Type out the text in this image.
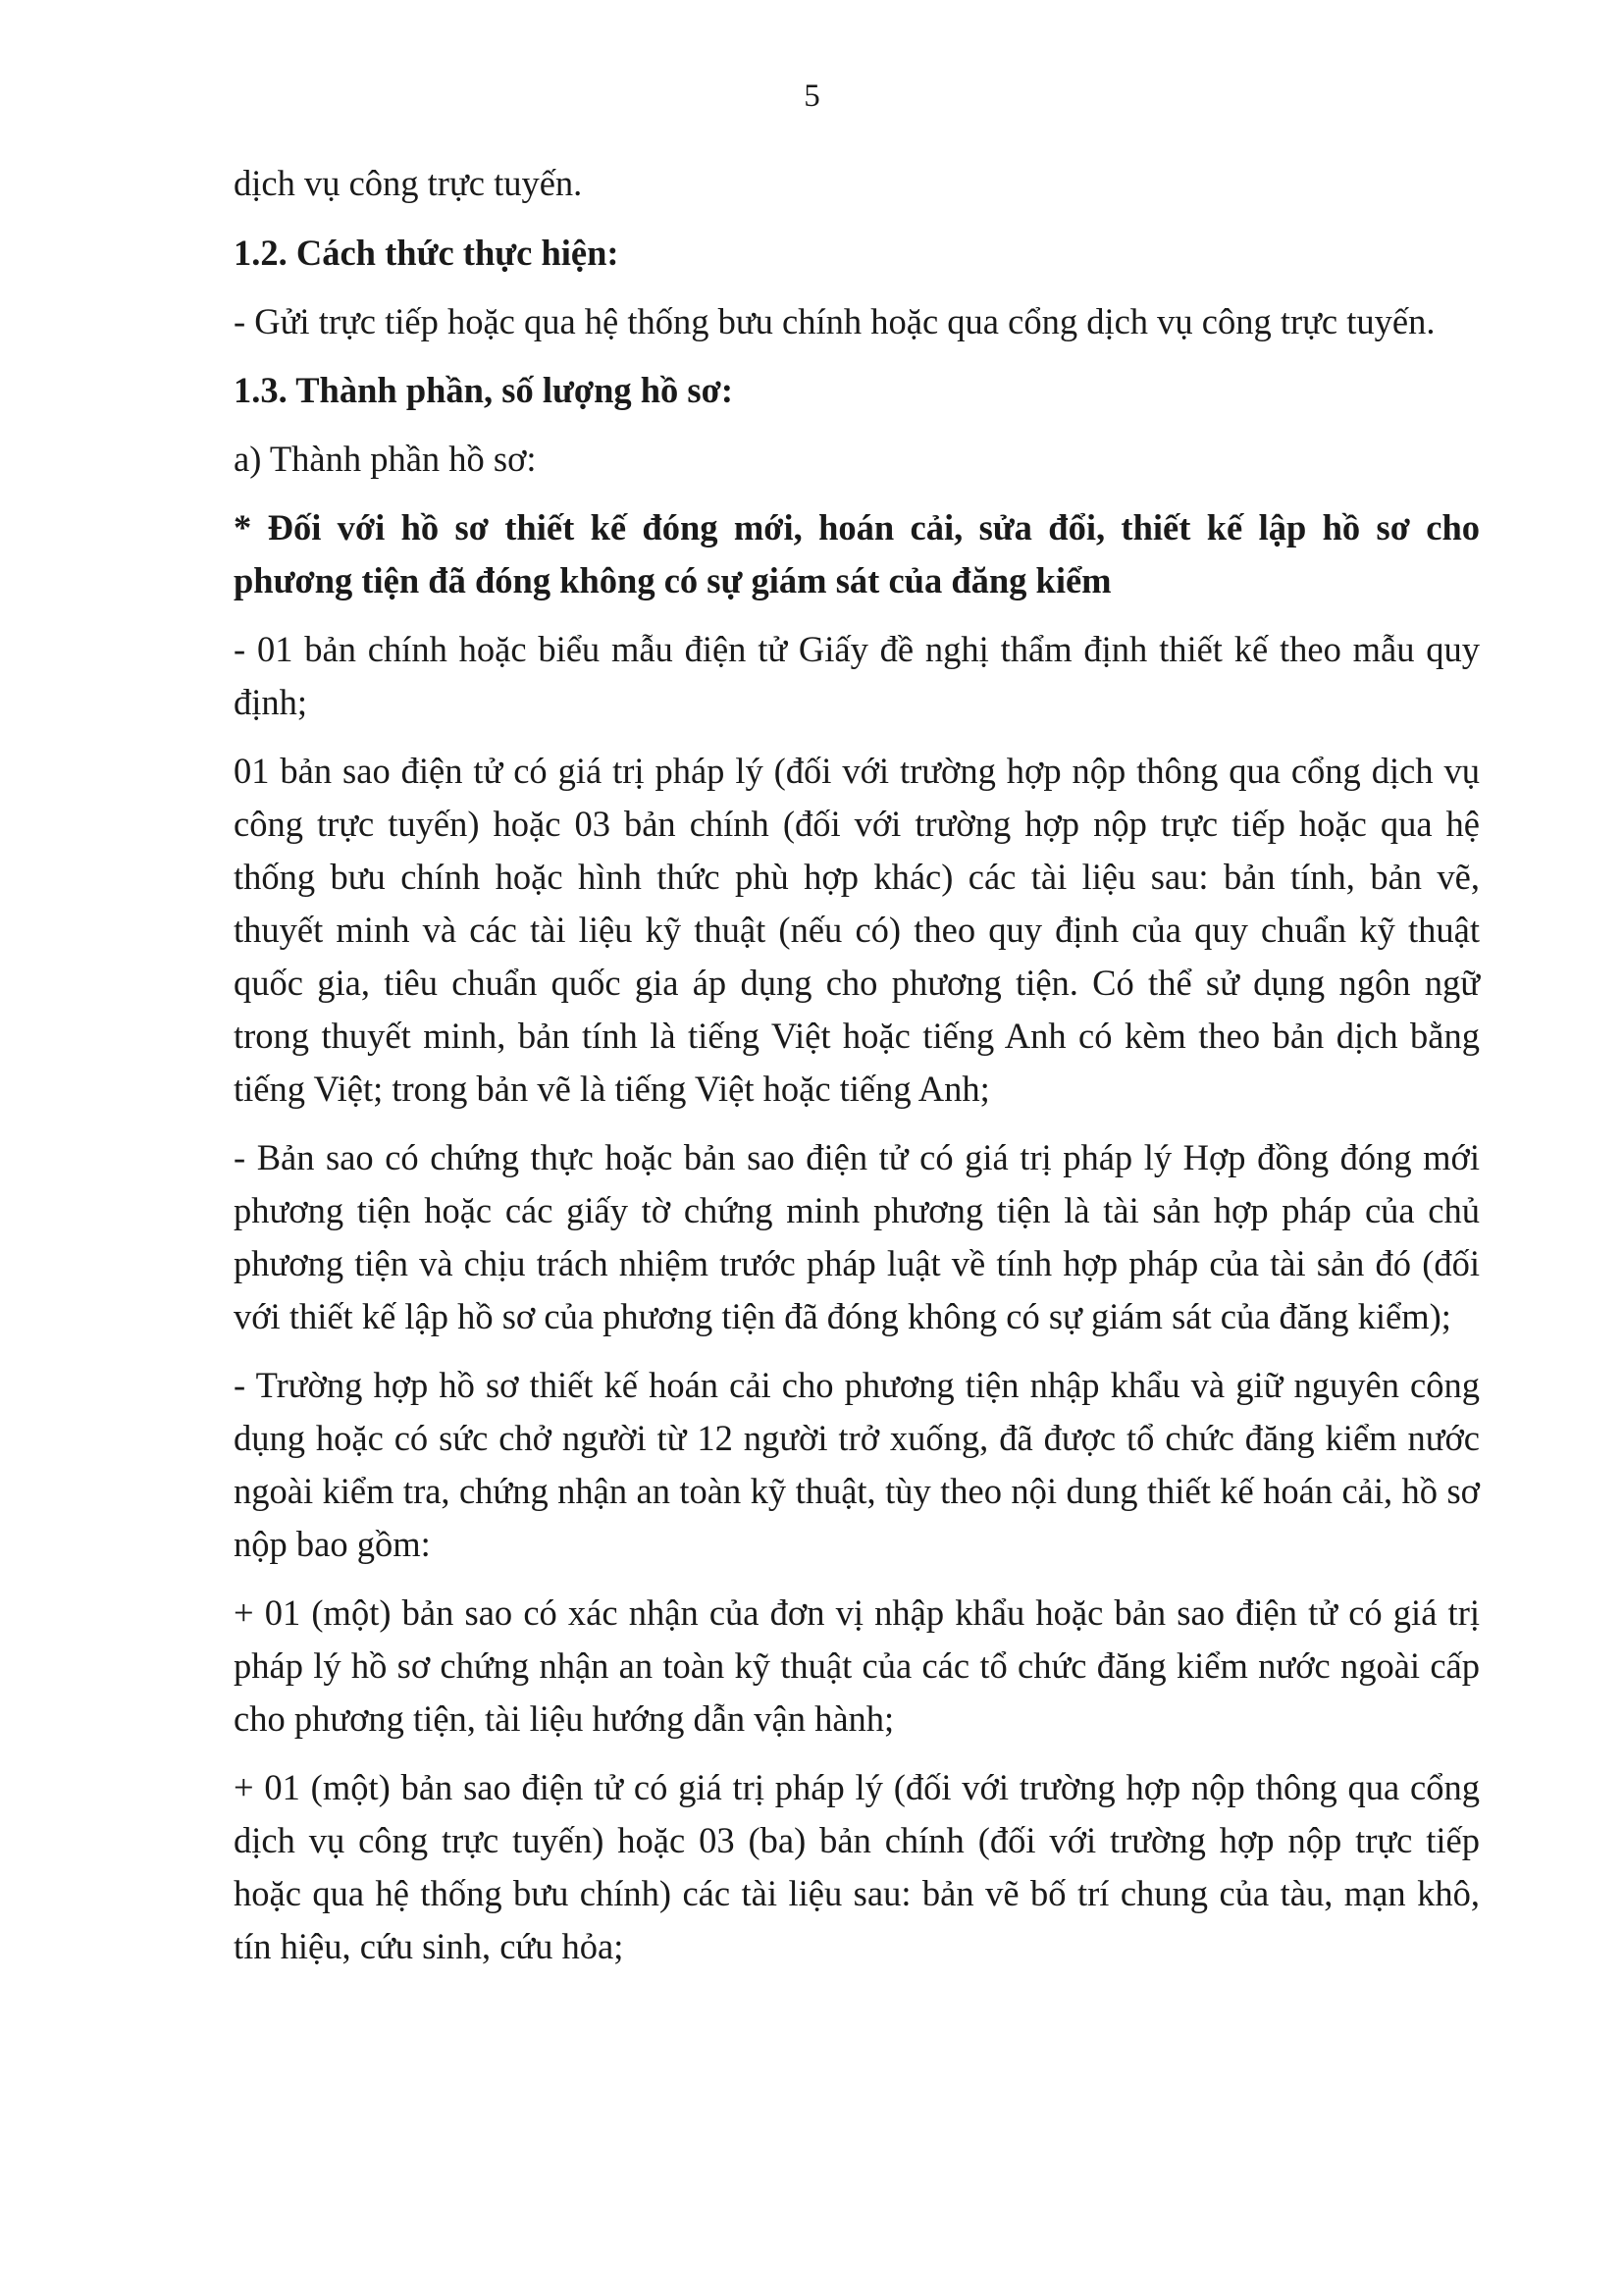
5

dịch vụ công trực tuyến.

1.2. Cách thức thực hiện:

- Gửi trực tiếp hoặc qua hệ thống bưu chính hoặc qua cổng dịch vụ công trực tuyến.

1.3. Thành phần, số lượng hồ sơ:

a) Thành phần hồ sơ:

* Đối với hồ sơ thiết kế đóng mới, hoán cải, sửa đổi, thiết kế lập hồ sơ cho phương tiện đã đóng không có sự giám sát của đăng kiểm

- 01 bản chính hoặc biểu mẫu điện tử Giấy đề nghị thẩm định thiết kế theo mẫu quy định;

01 bản sao điện tử có giá trị pháp lý (đối với trường hợp nộp thông qua cổng dịch vụ công trực tuyến) hoặc 03 bản chính (đối với trường hợp nộp trực tiếp hoặc qua hệ thống bưu chính hoặc hình thức phù hợp khác) các tài liệu sau: bản tính, bản vẽ, thuyết minh và các tài liệu kỹ thuật (nếu có) theo quy định của quy chuẩn kỹ thuật quốc gia, tiêu chuẩn quốc gia áp dụng cho phương tiện. Có thể sử dụng ngôn ngữ trong thuyết minh, bản tính là tiếng Việt hoặc tiếng Anh có kèm theo bản dịch bằng tiếng Việt; trong bản vẽ là tiếng Việt hoặc tiếng Anh;

- Bản sao có chứng thực hoặc bản sao điện tử có giá trị pháp lý Hợp đồng đóng mới phương tiện hoặc các giấy tờ chứng minh phương tiện là tài sản hợp pháp của chủ phương tiện và chịu trách nhiệm trước pháp luật về tính hợp pháp của tài sản đó (đối với thiết kế lập hồ sơ của phương tiện đã đóng không có sự giám sát của đăng kiểm);

- Trường hợp hồ sơ thiết kế hoán cải cho phương tiện nhập khẩu và giữ nguyên công dụng hoặc có sức chở người từ 12 người trở xuống, đã được tổ chức đăng kiểm nước ngoài kiểm tra, chứng nhận an toàn kỹ thuật, tùy theo nội dung thiết kế hoán cải, hồ sơ nộp bao gồm:

+ 01 (một) bản sao có xác nhận của đơn vị nhập khẩu hoặc bản sao điện tử có giá trị pháp lý hồ sơ chứng nhận an toàn kỹ thuật của các tổ chức đăng kiểm nước ngoài cấp cho phương tiện, tài liệu hướng dẫn vận hành;

+ 01 (một) bản sao điện tử có giá trị pháp lý (đối với trường hợp nộp thông qua cổng dịch vụ công trực tuyến) hoặc 03 (ba) bản chính (đối với trường hợp nộp trực tiếp hoặc qua hệ thống bưu chính) các tài liệu sau: bản vẽ bố trí chung của tàu, mạn khô, tín hiệu, cứu sinh, cứu hỏa;
